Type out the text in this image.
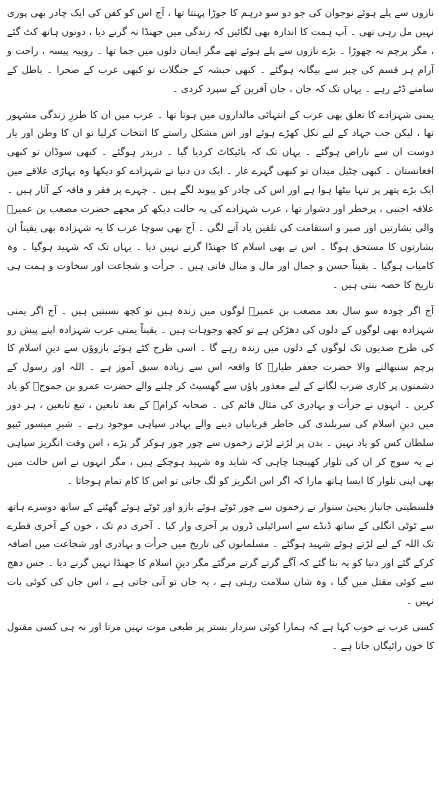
نازوں سے پلے ہوئے نوجوان کی جو دو سو درہم کا جوڑا پہنتا تھا ، آج اس کو کفن کی ایک چادر بھی پوری نہیں مل رہی تھی ۔ آپ ہمت کا اندازہ بھی لگائیں کہ زندگی میں جھنڈا نہ گرنے دیا ، دونوں ہاتھ کٹ گئے ، مگر پرچم نہ چھوڑا ۔ بڑے نازوں سے پلے ہوئے تھے مگر ایمان دلوں میں جما تھا ۔ روپیہ پیسہ ، راحت و آرام ہر قسم کی چیز سے بیگانہ ہوگئے ۔ کبھی حبشہ کے جنگلات تو کبھی عرب کے صحرا ۔ باطل کے سامنے ڈٹے رہے ۔ یہاں تک کہ جان ، جان آفرین کے سپرد کردی ۔

یمنی شہزادے کا تعلق بھی عرب کے انتہائی مالداروں میں ہوتا تھا ۔ عرب میں ان کا طرزِ زندگی مشہور تھا ، لیکن جب جہاد کے لیے نکل کھڑے ہوئے اور اس مشکل راستے کا انتخاب کرلیا تو ان کا وطن اور یار دوست ان سے ناراض ہوگئے ۔ یہاں تک کہ بائیکاٹ کردیا گیا ۔ دربدر ہوگئے ۔ کبھی سوڈان تو کبھی افغانستان ۔ کبھی چٹیل میدان تو کبھی گہرے غار ۔ ایک دن دنیا نے شہزادے کو دیکھا وہ پہاڑی علاقے میں ایک بڑے پتھر پر تنہا بیٹھا ہوا ہے اور اس کی چادر کو پیوند لگے ہیں ۔ چہرے پر فقر و فاقہ کے آثار ہیں ۔ علاقہ اجنبی ، پرخطر اور دشوار تھا ، عرب شہزادے کی یہ حالت دیکھ کر مجھے حضرت مصعب بن عمیرؓ والی بشارتیں اور صبر و استقامت کی تلقین یاد آنے لگی ۔ آج بھی سوچا عرب کا یہ شہزادہ بھی یقیناً ان بشارتوں کا مستحق ہوگا ۔ اس نے بھی اسلام کا جھنڈا گرنے نہیں دیا ۔ یہاں تک کہ شہید ہوگیا ۔ وہ کامیاب ہوگیا ۔ یقیناً حسن و جمال اور مال و منال فانی ہیں ۔ جرأت و شجاعت اور سخاوت و ہمت ہی تاریخ کا حصہ بنتی ہیں ۔

آج اگر چودہ سو سال بعد مصعب بن عمیرؓ لوگوں میں زندہ ہیں تو کچھ نسبتیں ہیں ۔ آج اگر یمنی شہزادہ بھی لوگوں کے دلوں کی دھڑکن ہے تو کچھ وجوہات ہیں ۔ یقیناً یمنی عرب شہزادہ اپنے پیش رو کی طرح صدیوں تک لوگوں کے دلوں میں زندہ رہے گا ۔ اسی طرح کٹے ہوئے بازوؤں سے دینِ اسلام کا پرچم سنبھالنے والا حضرت جعفر طیارؓ کا واقعہ اس سے زیادہ سبق آموز ہے ۔ اللہ اور رسول کے دشمنوں پر کاری ضرب لگانے کے لیے معذور پاؤں سے گھسیٹ کر چلنے والے حضرت عمرو بن جموحؓ کو یاد کریں ۔ انہوں نے جرأت و بہادری کی مثال قائم کی ۔ صحابہ کرامؓ کے بعد تابعین ، تبع تابعین ، ہر دور میں دینِ اسلام کی سربلندی کی خاطر قربانیاں دینے والے بہادر سپاہی موجود رہے ۔ شیرِ میسور ٹیپو سلطان کس کو یاد نہیں ۔ بدن پر لڑتے لڑتے زخموں سے چور چور ہوکر گر پڑے ، اس وقت انگریز سپاہی نے یہ سوچ کر ان کی تلوار کھینچنا چاہی کہ شاید وہ شہید ہوچکے ہیں ، مگر انہوں نے اس حالت میں بھی اپنی تلوار کا ایسا ہاتھ مارا کہ اگر اس انگریز کو لگ جاتی تو اس کا کام تمام ہوجاتا ۔

فلسطینی جانباز یحییٰ سنوار نے زخموں سے چور ٹوٹے ہوئے بازو اور ٹوٹے ہوئے گھٹنے کے ساتھ دوسرے ہاتھ سے ٹوٹی انگلی کے ساتھ ڈنڈے سے اسرائیلی ڈرون پر آخری وار کیا ۔ آخری دم تک ، خون کے آخری قطرے تک اللہ کے لیے لڑتے ہوئے شہید ہوگئے ۔ مسلمانوں کی تاریخ میں جرأت و بہادری اور شجاعت میں اضافہ کرکے گئے اور دنیا کو یہ بتا گئے کہ آگے گرتے گرتے مرگئے مگر دینِ اسلام کا جھنڈا نہیں گرنے دیا ۔ جس دھج سے کوئی مقتل میں گیا ، وہ شان سلامت رہتی ہے ، یہ جان تو آنی جانی ہے ، اس جان کی کوئی بات نہیں ۔

کسی عرب نے خوب کہا ہے کہ ہمارا کوئی سردار بستر پر طبعی موت نہیں مرتا اور نہ ہی کسی مقتول کا خون رائیگاں جاتا ہے ۔
